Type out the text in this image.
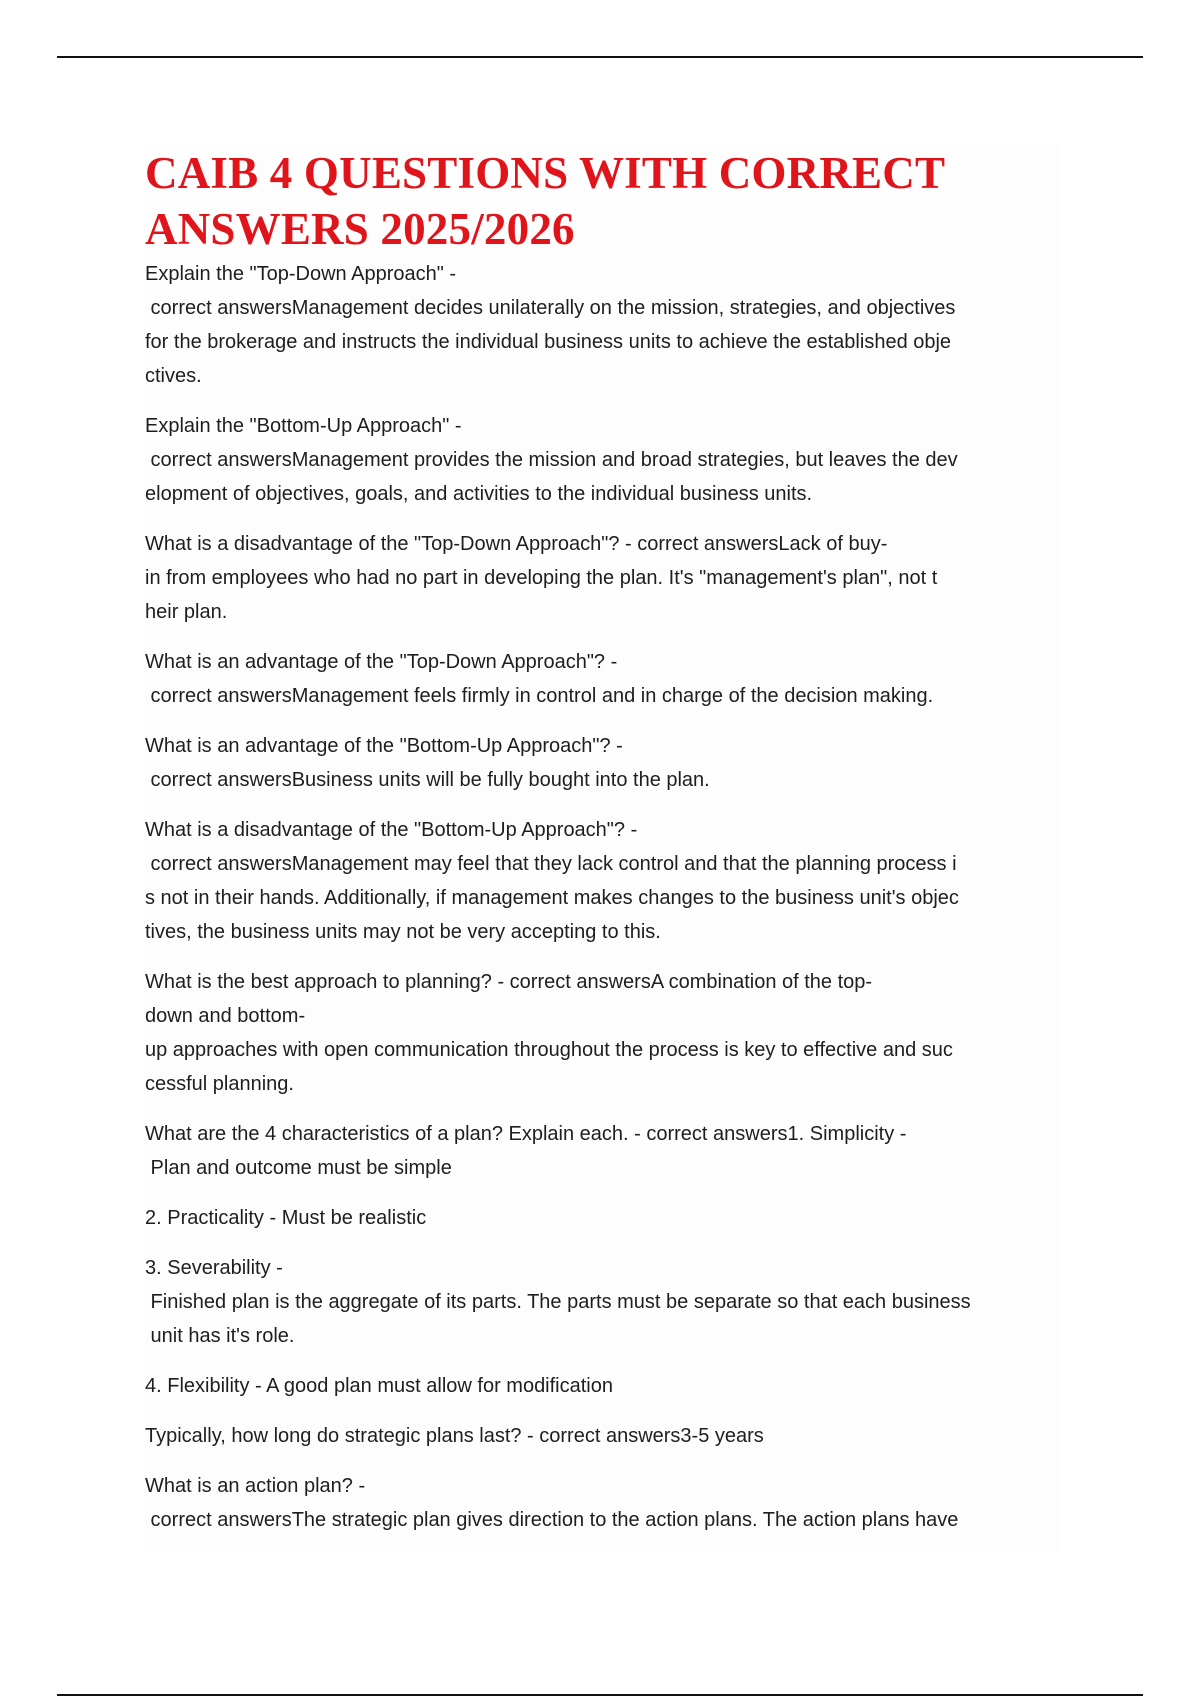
CAIB 4 QUESTIONS WITH CORRECT
ANSWERS 2025/2026

Explain the "Top-Down Approach" -
correct answersManagement decides unilaterally on the mission, strategies, and objectives
for the brokerage and instructs the individual business units to achieve the established obje
ctives.

Explain the "Bottom-Up Approach" -
correct answersManagement provides the mission and broad strategies, but leaves the dev
elopment of objectives, goals, and activities to the individual business units.

What is a disadvantage of the "Top-Down Approach"? - correct answersLack of buy-
in from employees who had no part in developing the plan. It's "management's plan", not t
heir plan.

What is an advantage of the "Top-Down Approach"? -
correct answersManagement feels firmly in control and in charge of the decision making.

What is an advantage of the "Bottom-Up Approach"? -
correct answersBusiness units will be fully bought into the plan.

What is a disadvantage of the "Bottom-Up Approach"? -
correct answersManagement may feel that they lack control and that the planning process i
s not in their hands. Additionally, if management makes changes to the business unit's objec
tives, the business units may not be very accepting to this.

What is the best approach to planning? - correct answersA combination of the top-
down and bottom-
up approaches with open communication throughout the process is key to effective and suc
cessful planning.

What are the 4 characteristics of a plan? Explain each. - correct answers1. Simplicity -
Plan and outcome must be simple

2. Practicality - Must be realistic

3. Severability -
Finished plan is the aggregate of its parts. The parts must be separate so that each business
unit has it's role.

4. Flexibility - A good plan must allow for modification

Typically, how long do strategic plans last? - correct answers3-5 years

What is an action plan? -
correct answersThe strategic plan gives direction to the action plans. The action plans have
